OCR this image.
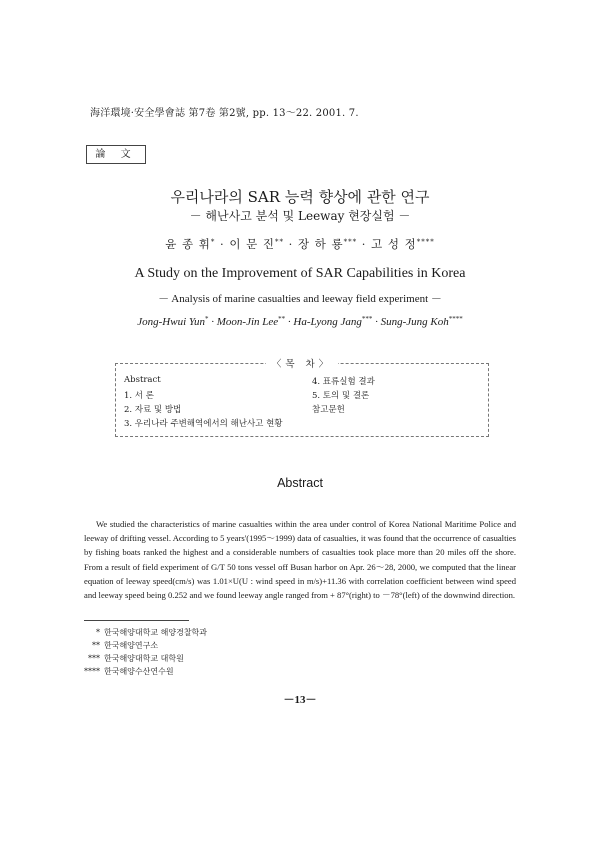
海洋環境·安全學會誌 第7卷 第2號, pp. 13～22. 2001. 7.
論 文
우리나라의 SAR 능력 향상에 관한 연구
－ 해난사고 분석 및 Leeway 현장실험 －
윤 종 휘* · 이 문 진** · 장 하 룡*** · 고 성 정****
A Study on the Improvement of SAR Capabilities in Korea
－ Analysis of marine casualties and leeway field experiment －
Jong-Hwui Yun* · Moon-Jin Lee** · Ha-Lyong Jang*** · Sung-Jung Koh****
〈목 차〉
Abstract
1. 서 론
2. 자료 및 방법
3. 우리나라 주변해역에서의 해난사고 현황
4. 표류실험 결과
5. 토의 및 결론
참고문헌
Abstract
We studied the characteristics of marine casualties within the area under control of Korea National Maritime Police and leeway of drifting vessel. According to 5 years'(1995～1999) data of casualties, it was found that the occurrence of casualties by fishing boats ranked the highest and a considerable numbers of casualties took place more than 20 miles off the shore. From a result of field experiment of G/T 50 tons vessel off Busan harbor on Apr. 26～28, 2000, we computed that the linear equation of leeway speed(cm/s) was 1.01×U(U : wind speed in m/s)+11.36 with correlation coefficient between wind speed and leeway speed being 0.252 and we found leeway angle ranged from + 87°(right) to －78°(left) of the downwind direction.
* 한국해양대학교 해양경찰학과
** 한국해양연구소
*** 한국해양대학교 대학원
**** 한국해양수산연수원
－13－
